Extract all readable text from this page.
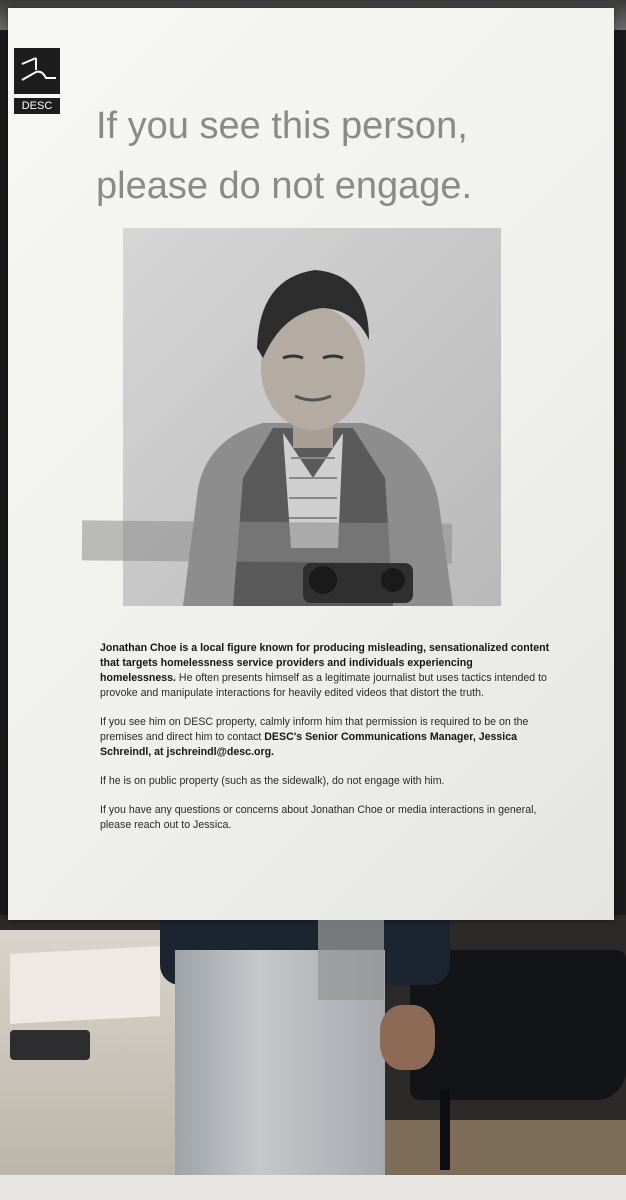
DESC If you see this person,
please do not engage.

Jonathan Choe is a local figure known for producing misleading, sensationalized content that targets homelessness service providers and individuals experiencing homelessness. He often presents himself as a legitimate journalist but uses tactics intended to provoke and manipulate interactions for heavily edited videos that distort the truth.

If you see him on DESC property, calmly inform him that permission is required to be on the premises and direct him to contact DESC's Senior Communications Manager, Jessica Schreindl, at jschreindl@desc.org.

If he is on public property (such as the sidewalk), do not engage with him.

If you have any questions or concerns about Jonathan Choe or media interactions in general, please reach out to Jessica.
